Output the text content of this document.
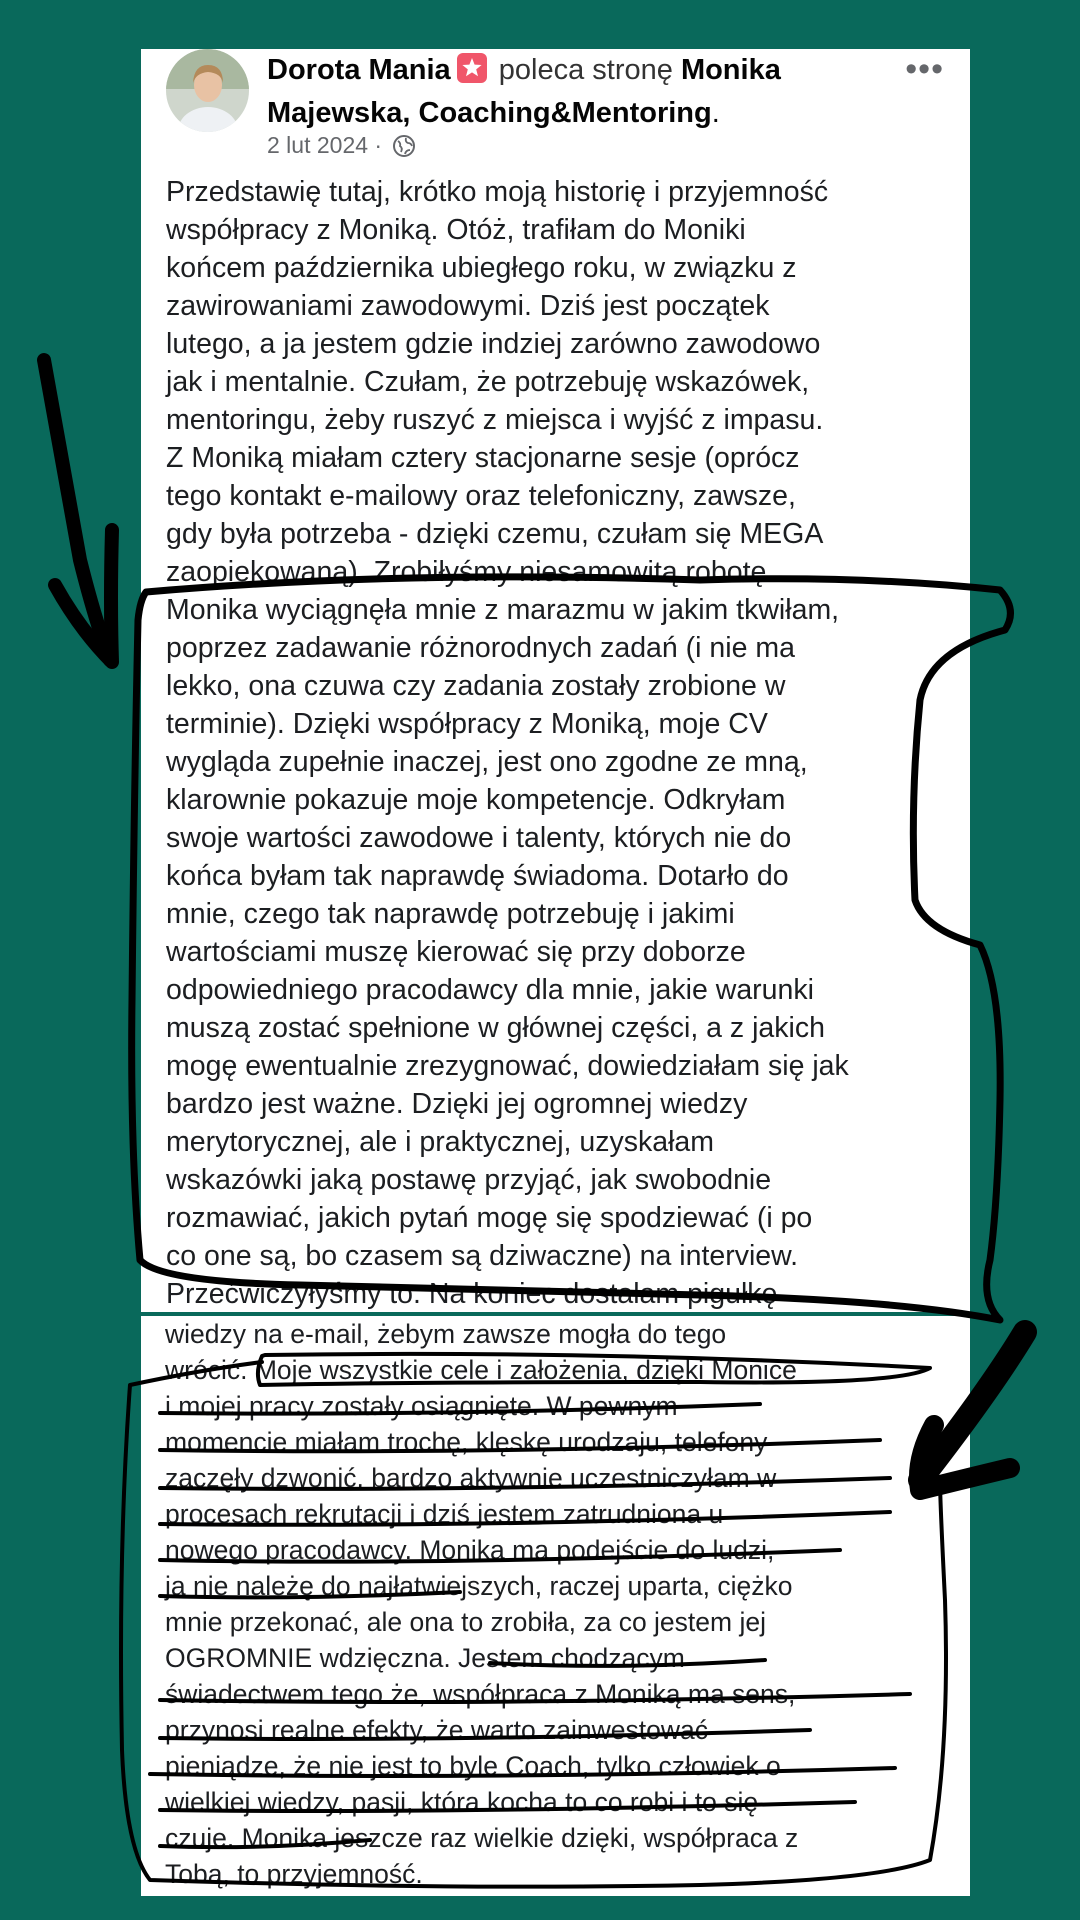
Dorota Mania poleca stronę Monika
Majewska, Coaching&Mentoring.
•••
2 lut 2024 ·
Przedstawię tutaj, krótko moją historię i przyjemność
współpracy z Moniką. Otóż, trafiłam do Moniki
końcem października ubiegłego roku, w związku z
zawirowaniami zawodowymi. Dziś jest początek
lutego, a ja jestem gdzie indziej zarówno zawodowo
jak i mentalnie. Czułam, że potrzebuję wskazówek,
mentoringu, żeby ruszyć z miejsca i wyjść z impasu.
Z Moniką miałam cztery stacjonarne sesje (oprócz
tego kontakt e-mailowy oraz telefoniczny, zawsze,
gdy była potrzeba - dzięki czemu, czułam się MEGA
zaopiekowaną). Zrobiłyśmy niesamowitą robotę.
Monika wyciągnęła mnie z marazmu w jakim tkwiłam,
poprzez zadawanie różnorodnych zadań (i nie ma
lekko, ona czuwa czy zadania zostały zrobione w
terminie). Dzięki współpracy z Moniką, moje CV
wygląda zupełnie inaczej, jest ono zgodne ze mną,
klarownie pokazuje moje kompetencje. Odkryłam
swoje wartości zawodowe i talenty, których nie do
końca byłam tak naprawdę świadoma. Dotarło do
mnie, czego tak naprawdę potrzebuję i jakimi
wartościami muszę kierować się przy doborze
odpowiedniego pracodawcy dla mnie, jakie warunki
muszą zostać spełnione w głównej części, a z jakich
mogę ewentualnie zrezygnować, dowiedziałam się jak
bardzo jest ważne. Dzięki jej ogromnej wiedzy
merytorycznej, ale i praktycznej, uzyskałam
wskazówki jaką postawę przyjąć, jak swobodnie
rozmawiać, jakich pytań mogę się spodziewać (i po
co one są, bo czasem są dziwaczne) na interview.
Przećwiczyłyśmy to. Na koniec dostałam pigułkę
wiedzy na e-mail, żebym zawsze mogła do tego
wrócić. Moje wszystkie cele i założenia, dzięki Monice
i mojej pracy zostały osiągnięte. W pewnym
momencie miałam trochę, klęskę urodzaju, telefony
zaczęły dzwonić, bardzo aktywnie uczestniczyłam w
procesach rekrutacji i dziś jestem zatrudniona u
nowego pracodawcy. Monika ma podejście do ludzi,
ja nie należę do najłatwiejszych, raczej uparta, ciężko
mnie przekonać, ale ona to zrobiła, za co jestem jej
OGROMNIE wdzięczna. Jestem chodzącym
świadectwem tego że, współpraca z Moniką ma sens,
przynosi realne efekty, że warto zainwestować
pieniądze, że nie jest to byle Coach, tylko człowiek o
wielkiej wiedzy, pasji, która kocha to co robi i to się
czuje. Monika jeszcze raz wielkie dzięki, współpraca z
Tobą, to przyjemność.
